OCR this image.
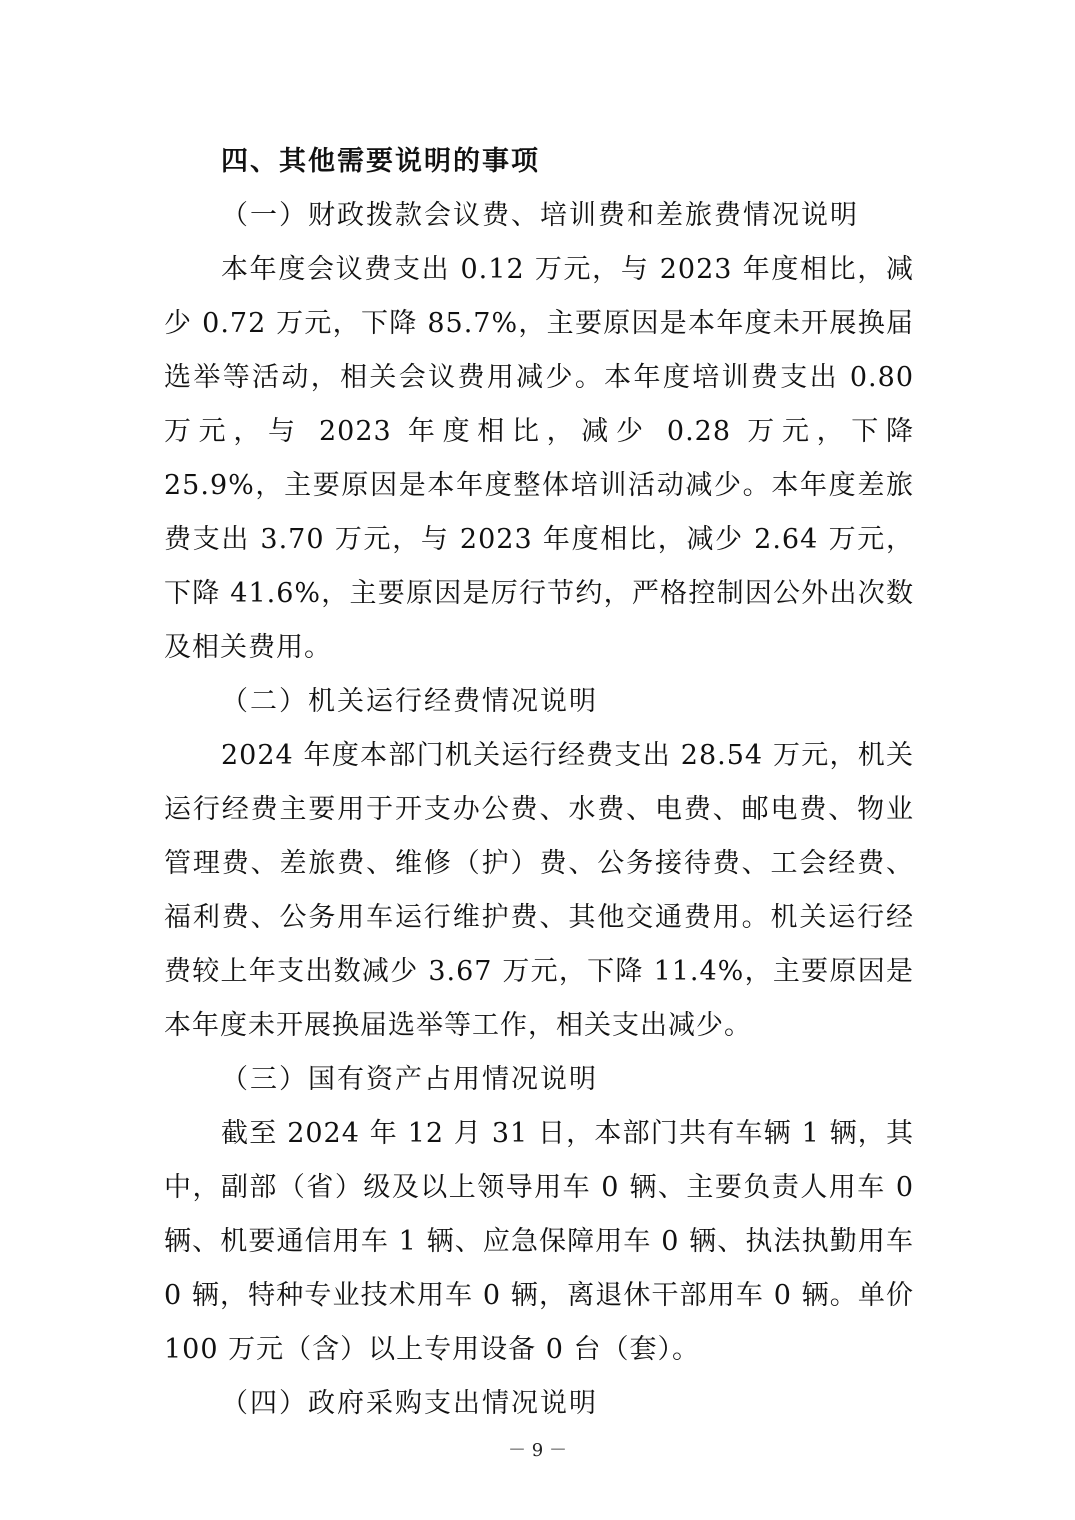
四、其他需要说明的事项

（一）财政拨款会议费、培训费和差旅费情况说明

本年度会议费支出 0.12 万元，与 2023 年度相比，减少 0.72 万元，下降 85.7%，主要原因是本年度未开展换届选举等活动，相关会议费用减少。本年度培训费支出 0.80 万元，与 2023 年度相比，减少 0.28 万元，下降 25.9%，主要原因是本年度整体培训活动减少。本年度差旅费支出 3.70 万元，与 2023 年度相比，减少 2.64 万元，下降 41.6%，主要原因是厉行节约，严格控制因公外出次数及相关费用。

（二）机关运行经费情况说明

2024 年度本部门机关运行经费支出 28.54 万元，机关运行经费主要用于开支办公费、水费、电费、邮电费、物业管理费、差旅费、维修（护）费、公务接待费、工会经费、福利费、公务用车运行维护费、其他交通费用。机关运行经费较上年支出数减少 3.67 万元，下降 11.4%，主要原因是本年度未开展换届选举等工作，相关支出减少。

（三）国有资产占用情况说明

截至 2024 年 12 月 31 日，本部门共有车辆 1 辆，其中，副部（省）级及以上领导用车 0 辆、主要负责人用车 0 辆、机要通信用车 1 辆、应急保障用车 0 辆、执法执勤用车 0 辆，特种专业技术用车 0 辆，离退休干部用车 0 辆。单价 100 万元（含）以上专用设备 0 台（套）。

（四）政府采购支出情况说明

－ 9 －
